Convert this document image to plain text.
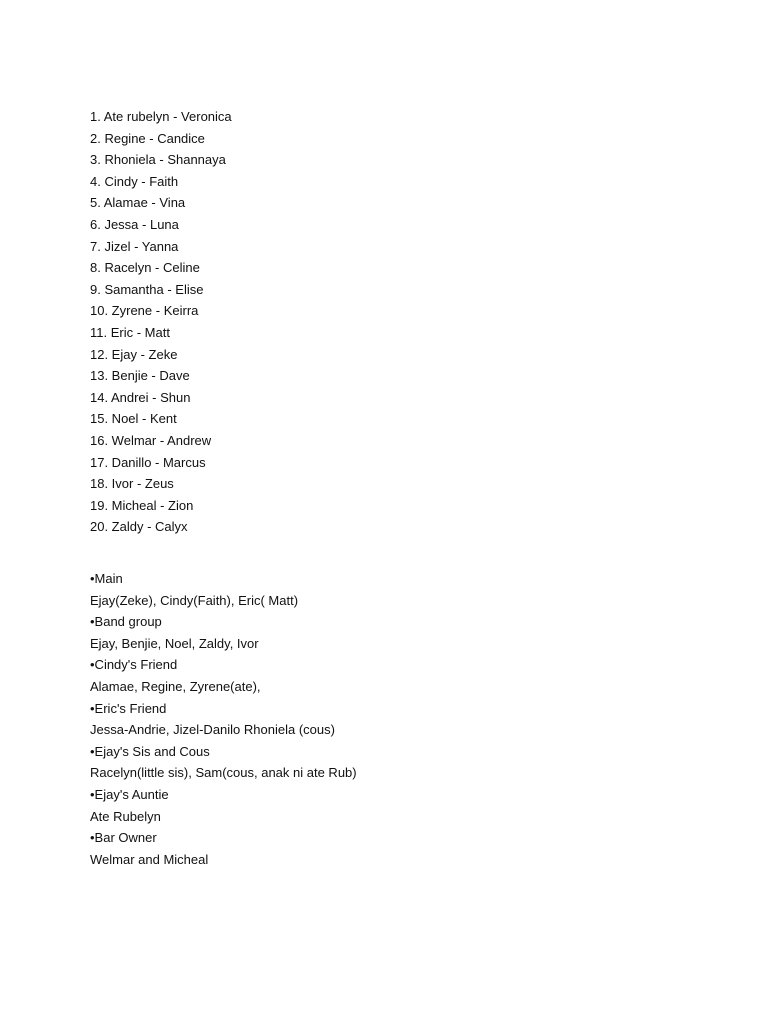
1. Ate rubelyn - Veronica
2. Regine - Candice
3. Rhoniela - Shannaya
4. Cindy - Faith
5. Alamae - Vina
6. Jessa - Luna
7. Jizel - Yanna
8. Racelyn - Celine
9. Samantha - Elise
10. Zyrene - Keirra
11. Eric - Matt
12. Ejay - Zeke
13. Benjie - Dave
14. Andrei - Shun
15. Noel - Kent
16. Welmar - Andrew
17. Danillo - Marcus
18. Ivor - Zeus
19. Micheal - Zion
20. Zaldy - Calyx
•Main
Ejay(Zeke), Cindy(Faith), Eric( Matt)
•Band group
Ejay, Benjie, Noel, Zaldy, Ivor
•Cindy's Friend
Alamae, Regine, Zyrene(ate),
•Eric's Friend
Jessa-Andrie, Jizel-Danilo Rhoniela (cous)
•Ejay's Sis and Cous
Racelyn(little sis), Sam(cous, anak ni ate Rub)
•Ejay's Auntie
Ate Rubelyn
•Bar Owner
Welmar and Micheal
